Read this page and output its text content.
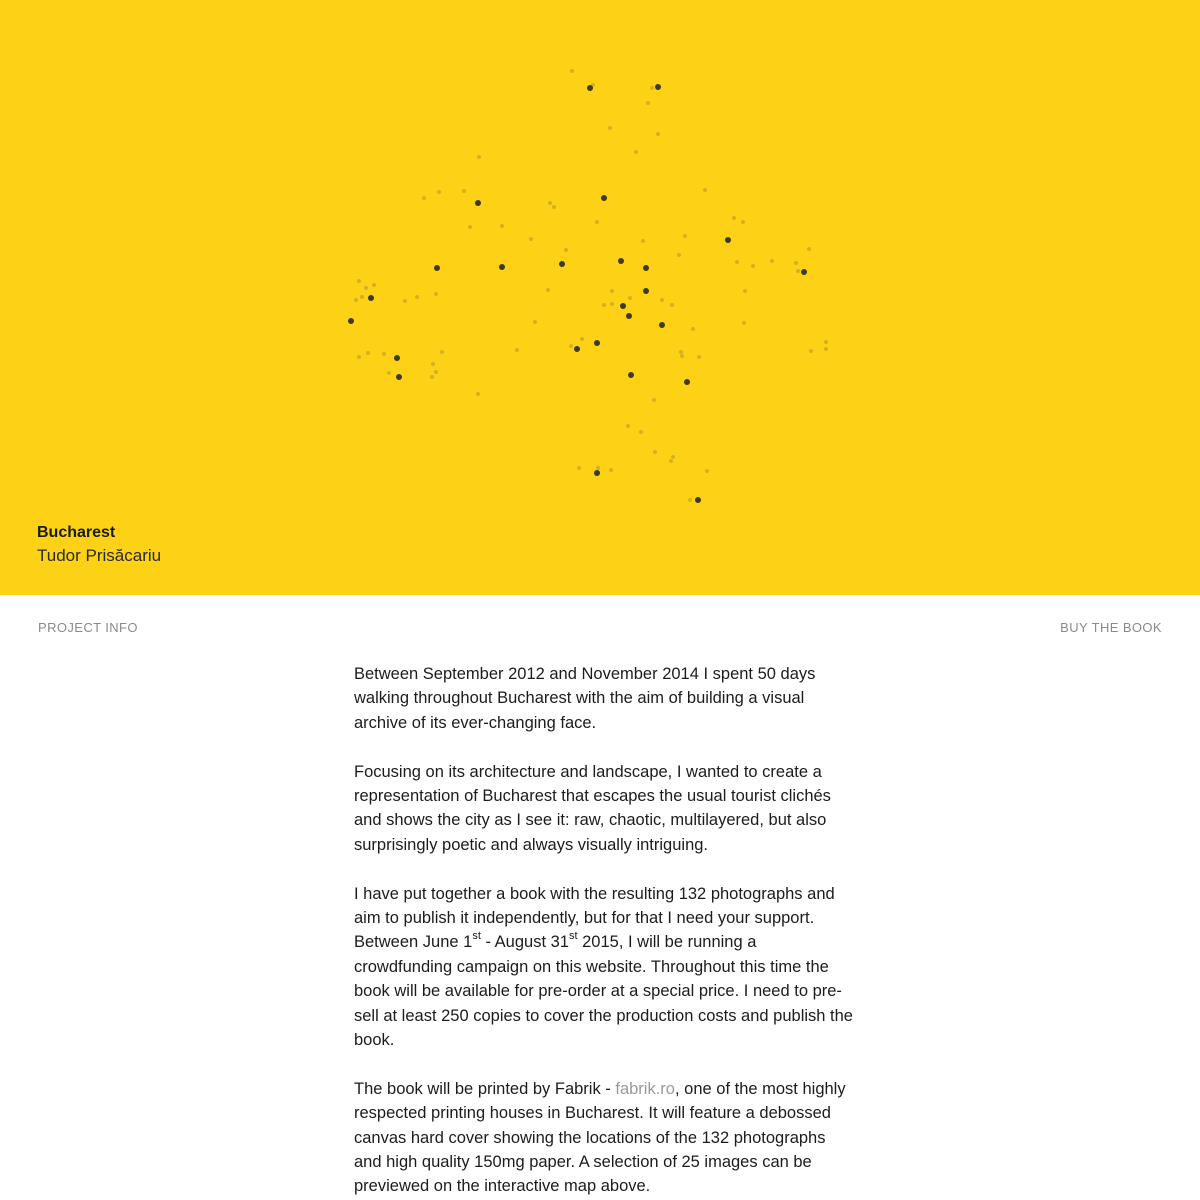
Bucharest
Tudor Prisăcariu
PROJECT INFO	BUY THE BOOK

Between September 2012 and November 2014 I spent 50 days walking throughout Bucharest with the aim of building a visual archive of its ever-changing face.

Focusing on its architecture and landscape, I wanted to create a representation of Bucharest that escapes the usual tourist clichés and shows the city as I see it: raw, chaotic, multilayered, but also surprisingly poetic and always visually intriguing.

I have put together a book with the resulting 132 photographs and aim to publish it independently, but for that I need your support. Between June 1st - August 31st 2015, I will be running a crowdfunding campaign on this website. Throughout this time the book will be available for pre-order at a special price. I need to pre-sell at least 250 copies to cover the production costs and publish the book.

The book will be printed by Fabrik - fabrik.ro, one of the most highly respected printing houses in Bucharest. It will feature a debossed canvas hard cover showing the locations of the 132 photographs and high quality 150mg paper. A selection of 25 images can be previewed on the interactive map above.
